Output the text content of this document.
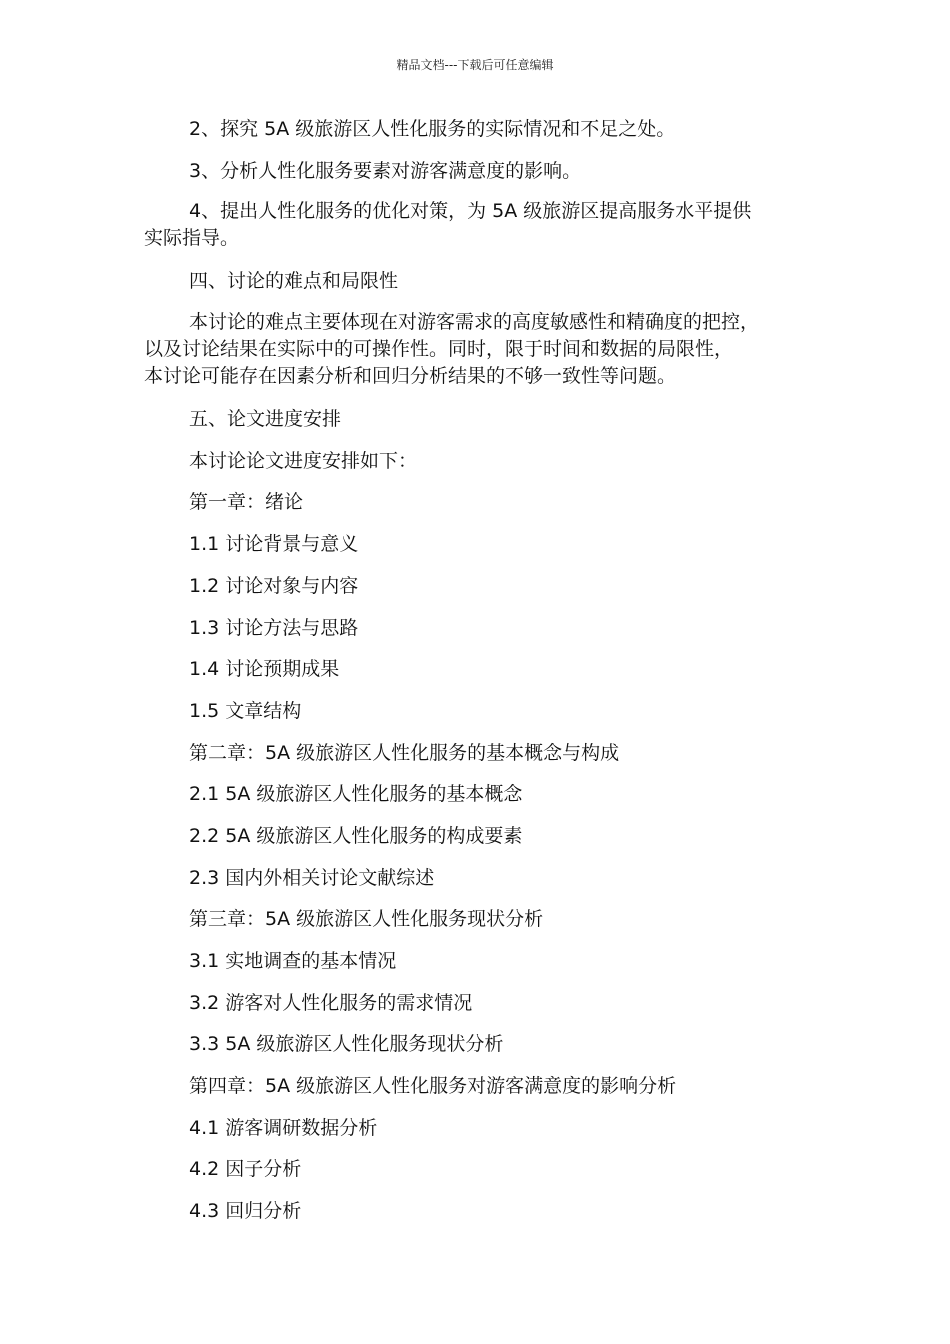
精品文档---下载后可任意编辑
2、探究 5A 级旅游区人性化服务的实际情况和不足之处。
3、分析人性化服务要素对游客满意度的影响。
4、提出人性化服务的优化对策，为 5A 级旅游区提高服务水平提供
实际指导。
四、讨论的难点和局限性
本讨论的难点主要体现在对游客需求的高度敏感性和精确度的把控，
以及讨论结果在实际中的可操作性。同时，限于时间和数据的局限性，
本讨论可能存在因素分析和回归分析结果的不够一致性等问题。
五、论文进度安排
本讨论论文进度安排如下：
第一章：绪论
1.1 讨论背景与意义
1.2 讨论对象与内容
1.3 讨论方法与思路
1.4 讨论预期成果
1.5 文章结构
第二章：5A 级旅游区人性化服务的基本概念与构成
2.1 5A 级旅游区人性化服务的基本概念
2.2 5A 级旅游区人性化服务的构成要素
2.3 国内外相关讨论文献综述
第三章：5A 级旅游区人性化服务现状分析
3.1 实地调查的基本情况
3.2 游客对人性化服务的需求情况
3.3 5A 级旅游区人性化服务现状分析
第四章：5A 级旅游区人性化服务对游客满意度的影响分析
4.1 游客调研数据分析
4.2 因子分析
4.3 回归分析
